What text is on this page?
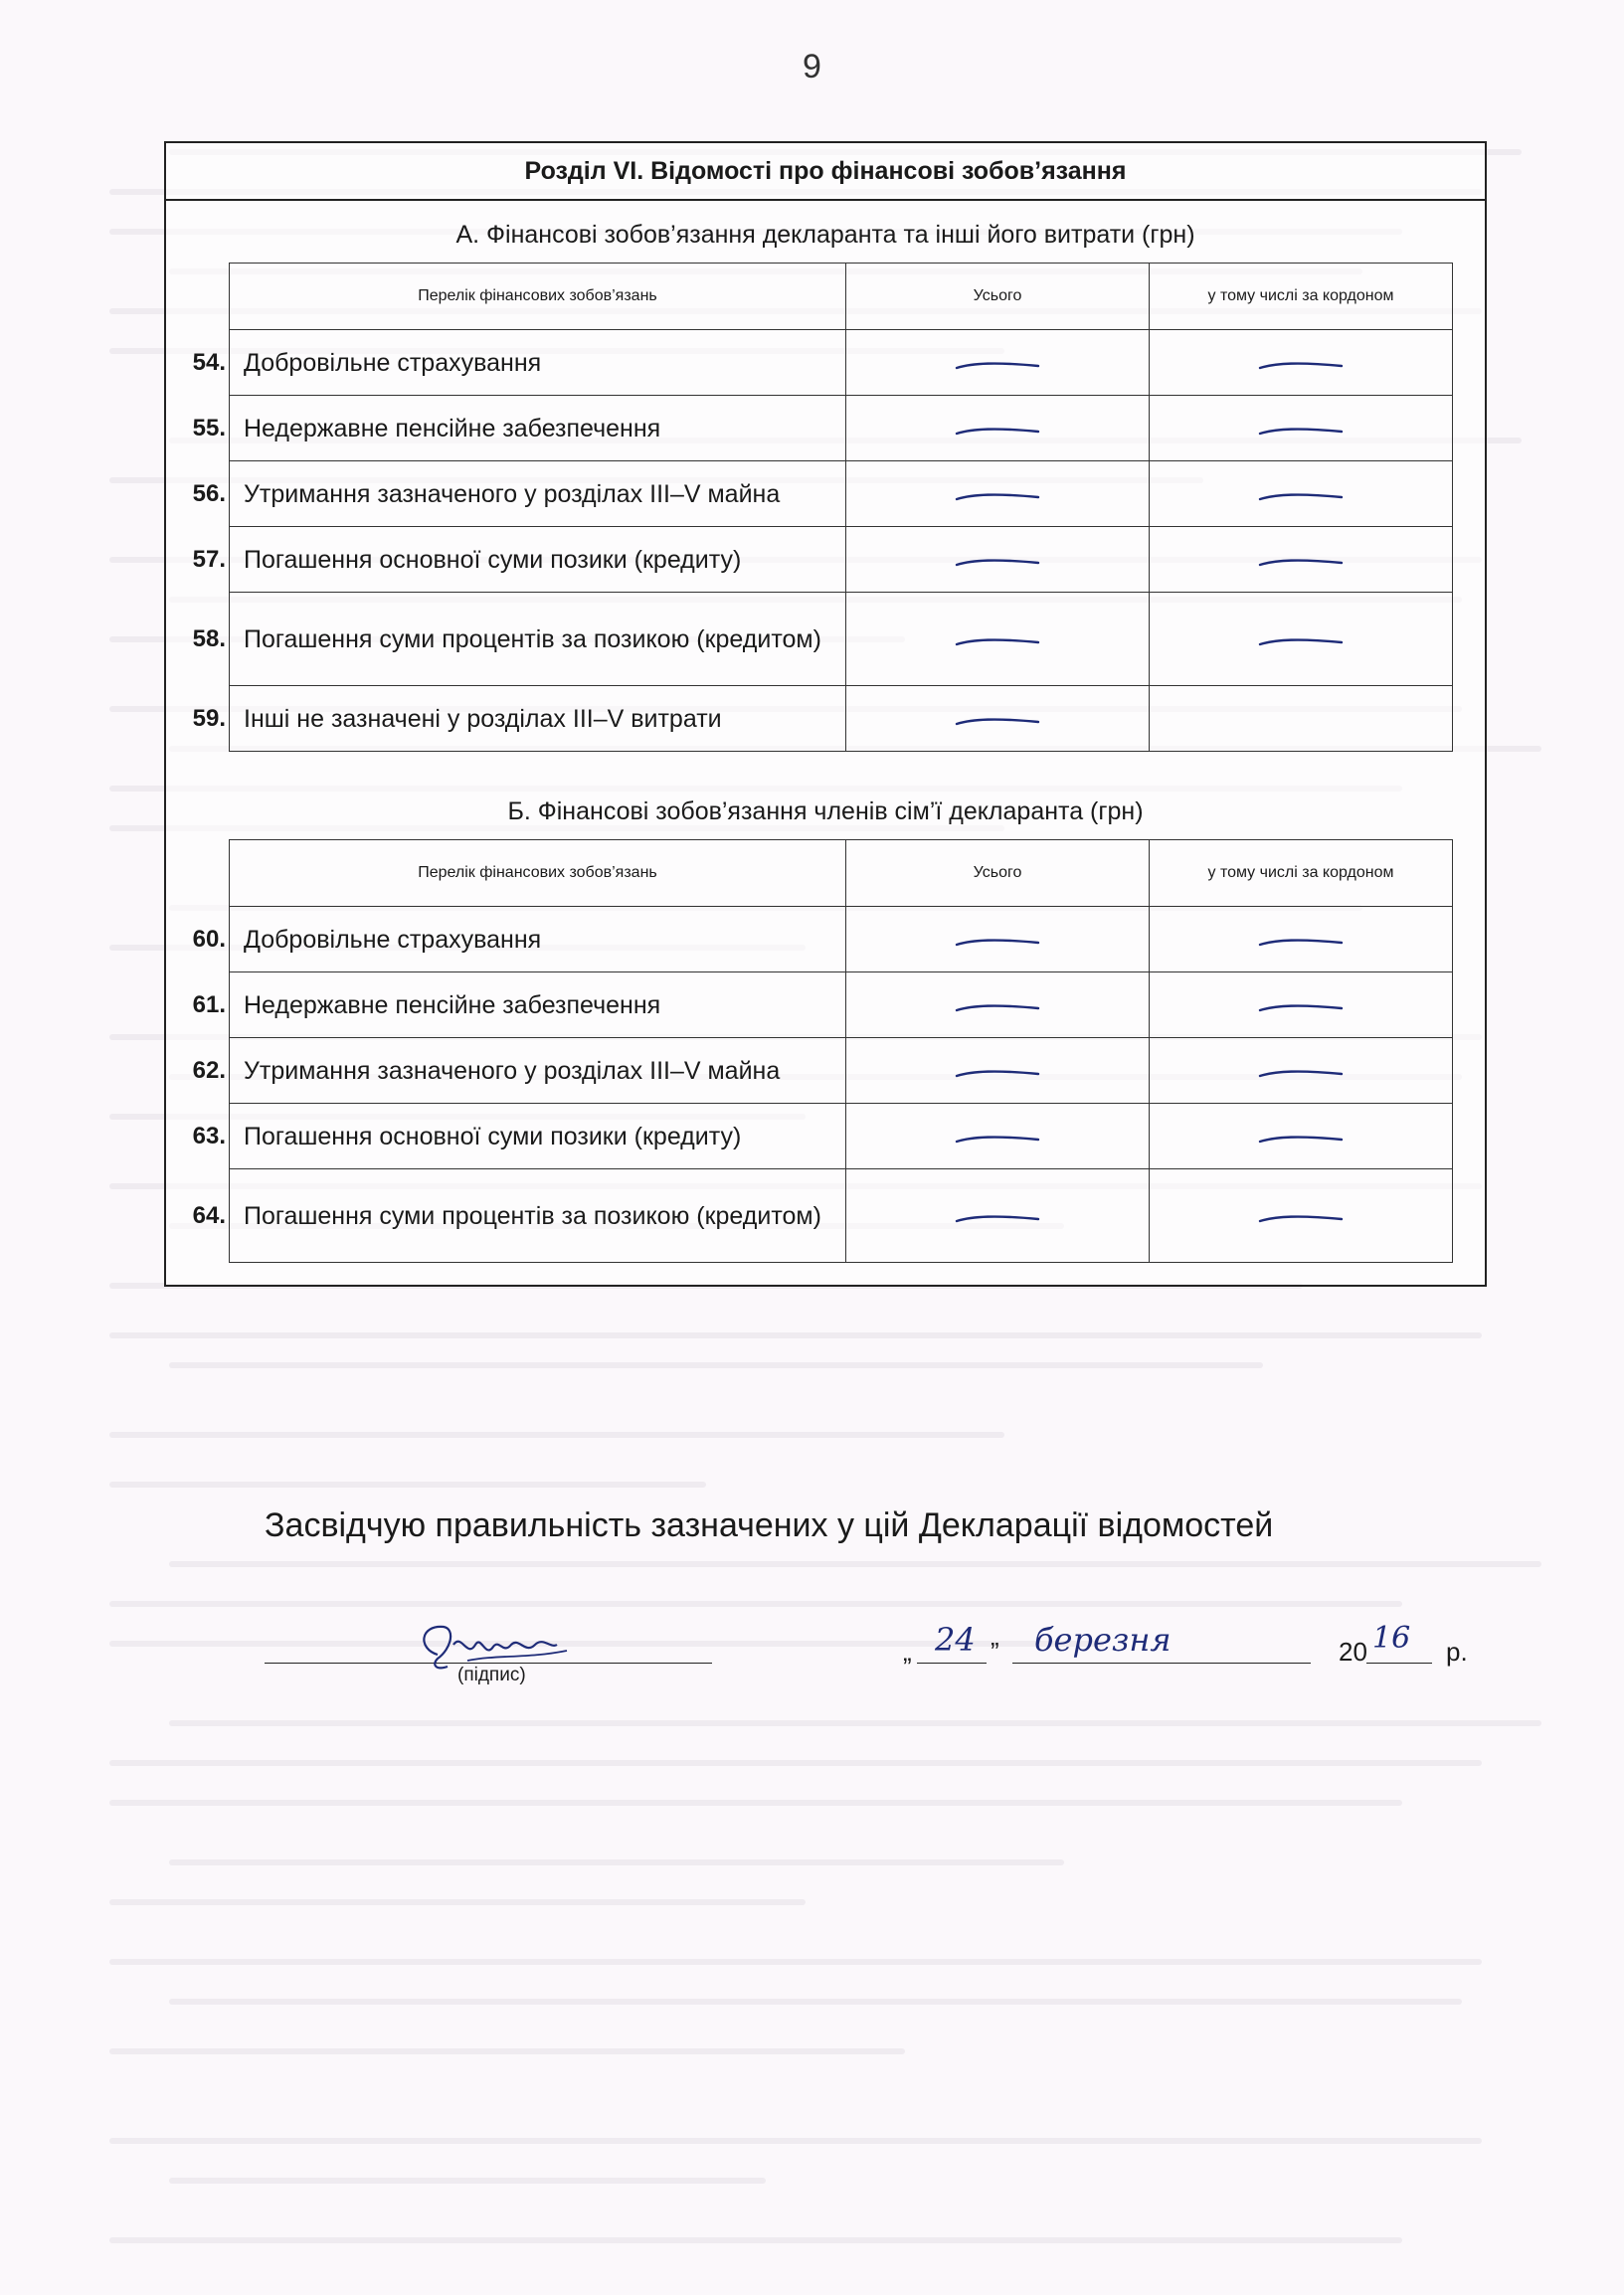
9
Розділ VI. Відомості про фінансові зобов’язання
А. Фінансові зобов’язання декларанта та інші його витрати (грн)
Перелік фінансових зобов’язань	Усього	у тому числі за кордоном

54. Добровільне страхування

55. Недержавне пенсійне забезпечення

56. Утримання зазначеного у розділах III–V майна

57. Погашення основної суми позики (кредиту)

58. Погашення суми процентів за позикою (кредитом)

59. Інші не зазначені у розділах III–V витрати

Б. Фінансові зобов’язання членів сім’ї декларанта (грн)
Перелік фінансових зобов’язань	Усього	у тому числі за кордоном

60. Добровільне страхування

61. Недержавне пенсійне забезпечення

62. Утримання зазначеного у розділах III–V майна

63. Погашення основної суми позики (кредиту)

64. Погашення суми процентів за позикою (кредитом)

Засвідчую правильність зазначених у цій Декларації відомостей
(підпис)
„ 24 ” березня	20 16 р.
